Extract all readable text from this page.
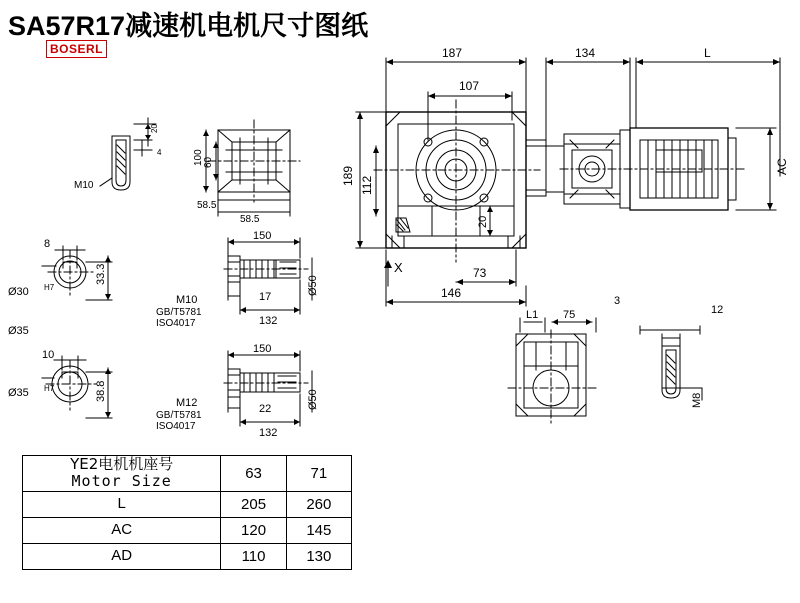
SA57R17减速机电机尺寸图纸
BOSERL
M10
20
4	100 60
58.5
58.5
8
Ø30 H7
33.3
Ø35
10
Ø35 H7	38.8
150
M10
GB/T5781
ISO4017
17
132
Ø50
150
M12
GB/T5781
ISO4017
22
132
Ø50
187
107
134	L
AC
189 112
20
73
146
X
L1 75
3
12
M8
YE2电机机座号
Motor Size	63	71
L	205	260
AC	120	145
AD	110	130
